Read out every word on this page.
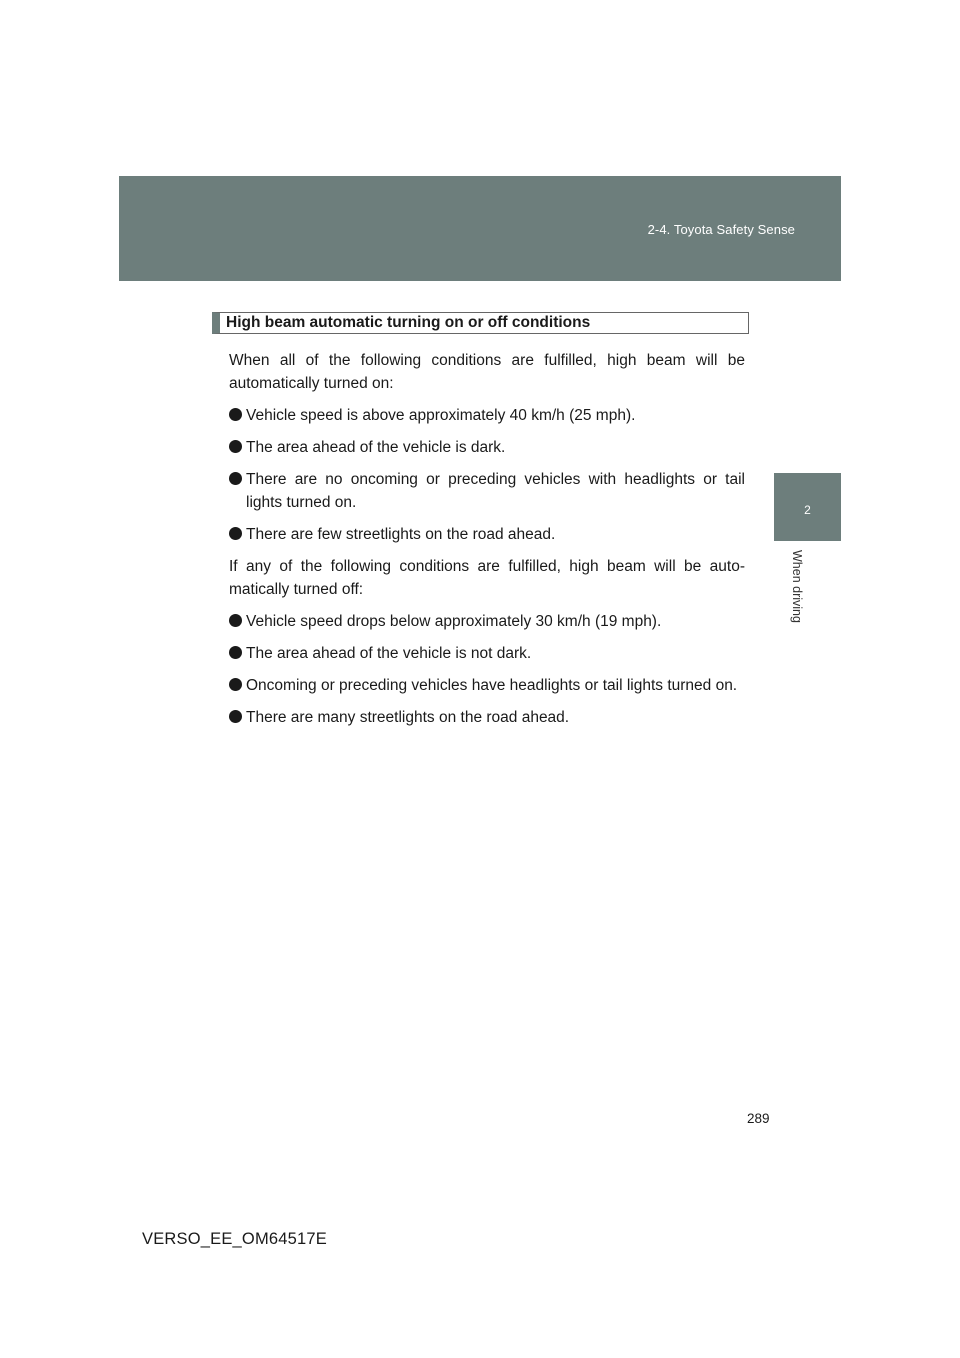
2-4. Toyota Safety Sense
2
When driving
High beam automatic turning on or off conditions

When all of the following conditions are fulfilled, high beam will be automatically turned on:

Vehicle speed is above approximately 40 km/h (25 mph).
The area ahead of the vehicle is dark.
There are no oncoming or preceding vehicles with headlights or tail lights turned on.
There are few streetlights on the road ahead.

If any of the following conditions are fulfilled, high beam will be auto-matically turned off:

Vehicle speed drops below approximately 30 km/h (19 mph).
The area ahead of the vehicle is not dark.
Oncoming or preceding vehicles have headlights or tail lights turned on.
There are many streetlights on the road ahead.
289
VERSO_EE_OM64517E
